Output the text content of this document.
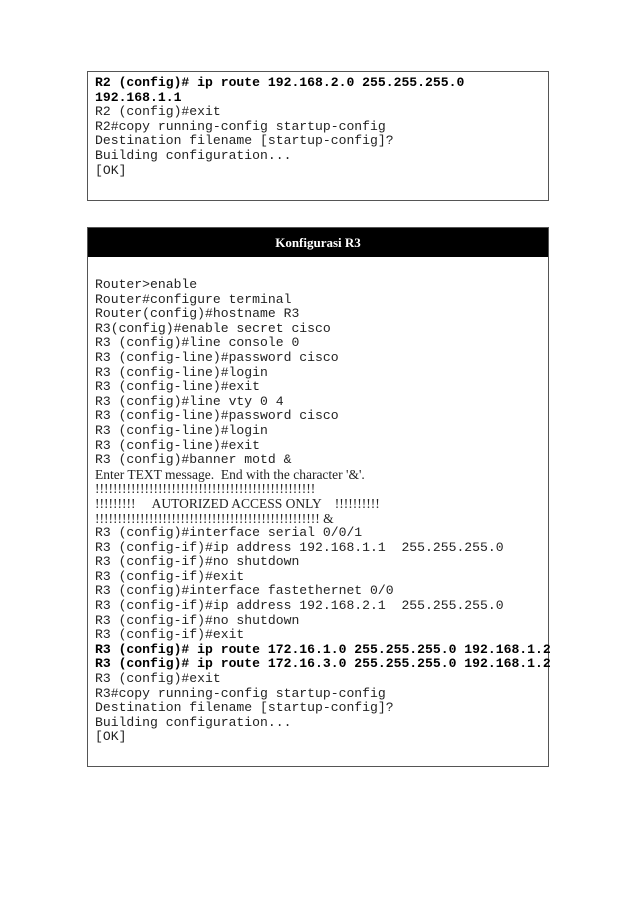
R2 (config)# ip route 192.168.2.0 255.255.255.0
192.168.1.1
R2 (config)#exit
R2#copy running-config startup-config
Destination filename [startup-config]?
Building configuration...
[OK]
Konfigurasi R3
Router>enable
Router#configure terminal
Router(config)#hostname R3
R3(config)#enable secret cisco
R3 (config)#line console 0
R3 (config-line)#password cisco
R3 (config-line)#login
R3 (config-line)#exit
R3 (config)#line vty 0 4
R3 (config-line)#password cisco
R3 (config-line)#login
R3 (config-line)#exit
R3 (config)#banner motd &
Enter TEXT message.  End with the character '&'.
!!!!!!!!!!!!!!!!!!!!!!!!!!!!!!!!!!!!!!!!!!!!!!!!!
!!!!!!!!!     AUTORIZED ACCESS ONLY    !!!!!!!!!!
!!!!!!!!!!!!!!!!!!!!!!!!!!!!!!!!!!!!!!!!!!!!!!!!!! &
R3 (config)#interface serial 0/0/1
R3 (config-if)#ip address 192.168.1.1  255.255.255.0
R3 (config-if)#no shutdown
R3 (config-if)#exit
R3 (config)#interface fastethernet 0/0
R3 (config-if)#ip address 192.168.2.1  255.255.255.0
R3 (config-if)#no shutdown
R3 (config-if)#exit
R3 (config)# ip route 172.16.1.0 255.255.255.0 192.168.1.2
R3 (config)# ip route 172.16.3.0 255.255.255.0 192.168.1.2
R3 (config)#exit
R3#copy running-config startup-config
Destination filename [startup-config]?
Building configuration...
[OK]
